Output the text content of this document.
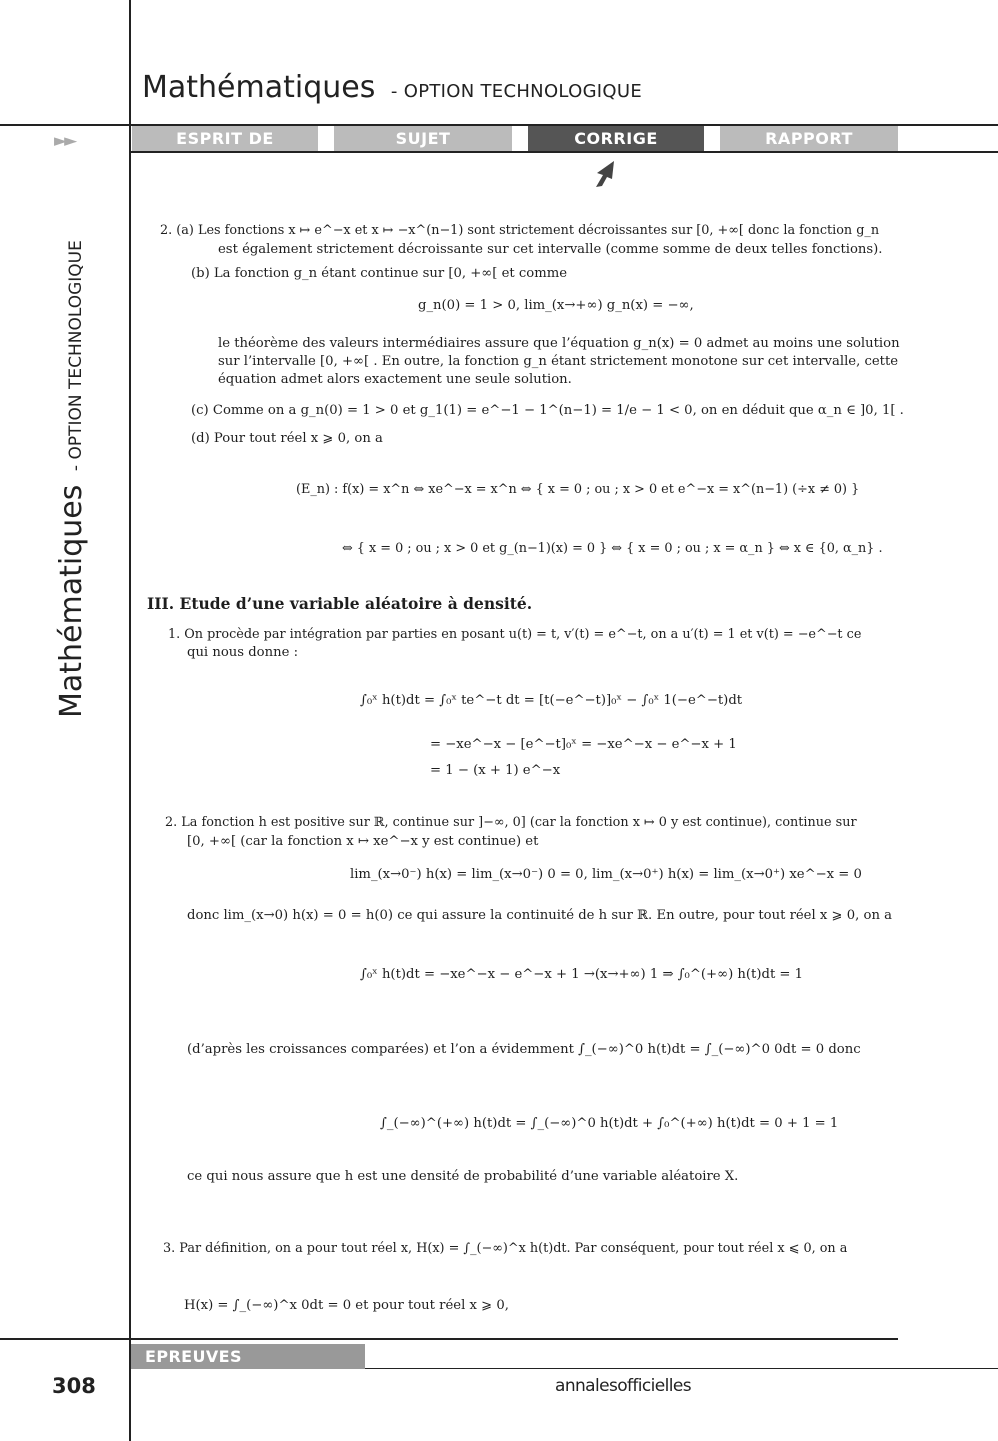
Mathématiques - OPTION TECHNOLOGIQUE
►►	ESPRIT DE L’EPREUVE
SUJET	CORRIGE	RAPPORT
Mathématiques - OPTION TECHNOLOGIQUE
2. (a) Les fonctions x ↦ e^−x et x ↦ −x^(n−1) sont strictement décroissantes sur [0, +∞[ donc la fonction g_n
est également strictement décroissante sur cet intervalle (comme somme de deux telles fonctions).
(b) La fonction g_n étant continue sur [0, +∞[ et comme
g_n(0) = 1 > 0, lim_(x→+∞) g_n(x) = −∞,
le théorème des valeurs intermédiaires assure que l’équation g_n(x) = 0 admet au moins une solution
sur l’intervalle [0, +∞[ . En outre, la fonction g_n étant strictement monotone sur cet intervalle, cette
équation admet alors exactement une seule solution.
(c) Comme on a g_n(0) = 1 > 0 et g_1(1) = e^−1 − 1^(n−1) = 1/e − 1 < 0, on en déduit que α_n ∈ ]0, 1[ .
(d) Pour tout réel x ⩾ 0, on a
(E_n) : f(x) = x^n ⇔ xe^−x = x^n ⇔ { x = 0 ; ou ; x > 0 et e^−x = x^(n−1) (÷x ≠ 0) }
⇔ { x = 0 ; ou ; x > 0 et g_(n−1)(x) = 0 } ⇔ { x = 0 ; ou ; x = α_n } ⇔ x ∈ {0, α_n} .
III. Etude d’une variable aléatoire à densité.
1. On procède par intégration par parties en posant u(t) = t, v′(t) = e^−t, on a u′(t) = 1 et v(t) = −e^−t ce
qui nous donne :
∫₀ˣ h(t)dt = ∫₀ˣ te^−t dt = [t(−e^−t)]₀ˣ − ∫₀ˣ 1(−e^−t)dt
= −xe^−x − [e^−t]₀ˣ = −xe^−x − e^−x + 1
= 1 − (x + 1) e^−x
2. La fonction h est positive sur ℝ, continue sur ]−∞, 0] (car la fonction x ↦ 0 y est continue), continue sur
[0, +∞[ (car la fonction x ↦ xe^−x y est continue) et
lim_(x→0⁻) h(x) = lim_(x→0⁻) 0 = 0, lim_(x→0⁺) h(x) = lim_(x→0⁺) xe^−x = 0
donc lim_(x→0) h(x) = 0 = h(0) ce qui assure la continuité de h sur ℝ. En outre, pour tout réel x ⩾ 0, on a
∫₀ˣ h(t)dt = −xe^−x − e^−x + 1 →(x→+∞) 1 ⇒ ∫₀^(+∞) h(t)dt = 1
(d’après les croissances comparées) et l’on a évidemment ∫_(−∞)^0 h(t)dt = ∫_(−∞)^0 0dt = 0 donc
∫_(−∞)^(+∞) h(t)dt = ∫_(−∞)^0 h(t)dt + ∫₀^(+∞) h(t)dt = 0 + 1 = 1
ce qui nous assure que h est une densité de probabilité d’une variable aléatoire X.
3. Par définition, on a pour tout réel x, H(x) = ∫_(−∞)^x h(t)dt. Par conséquent, pour tout réel x ⩽ 0, on a
H(x) = ∫_(−∞)^x 0dt = 0 et pour tout réel x ⩾ 0,
EPREUVES SPECIFIQUES
308	annalesofficielles
